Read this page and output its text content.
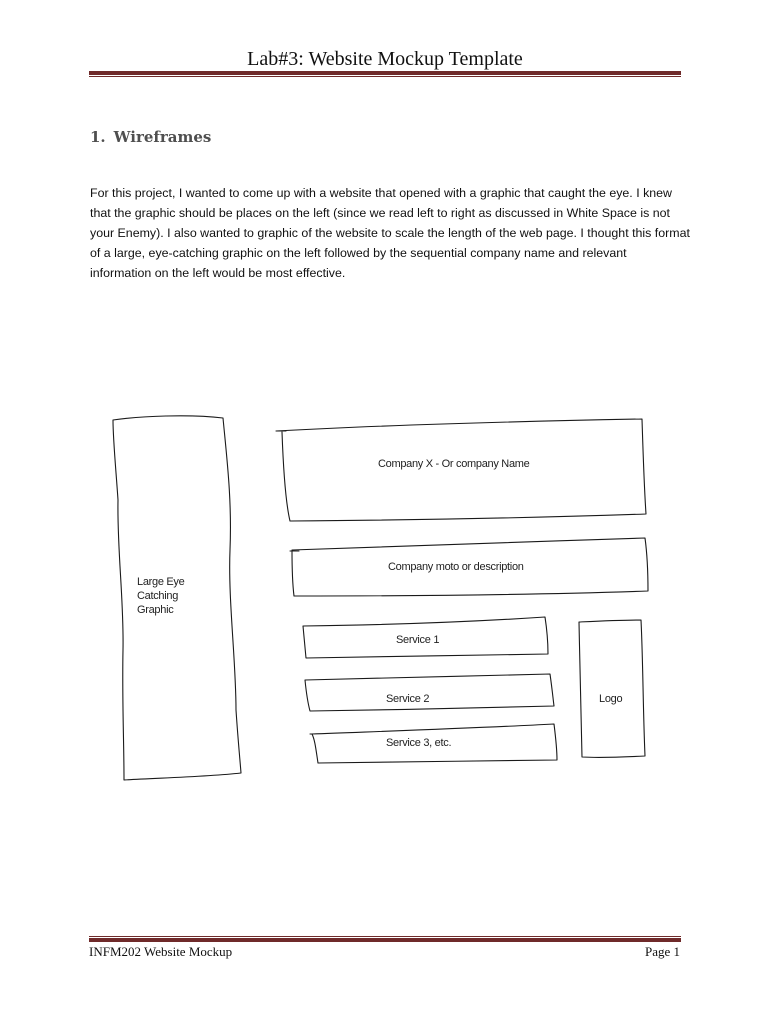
Lab#3: Website Mockup Template
1. Wireframes
For this project, I wanted to come up with a website that opened with a graphic that caught the eye. I knew that the graphic should be places on the left (since we read left to right as discussed in White Space is not your Enemy). I also wanted to graphic of the website to scale the length of the web page. I thought this format of a large, eye-catching graphic on the left followed by the sequential company name and relevant information on the left would be most effective.
Large Eye
Catching
Graphic
Company X - Or company Name
Company moto or description
Service 1
Service 2
Service 3, etc.
Logo
INFM202 Website Mockup	Page 1
